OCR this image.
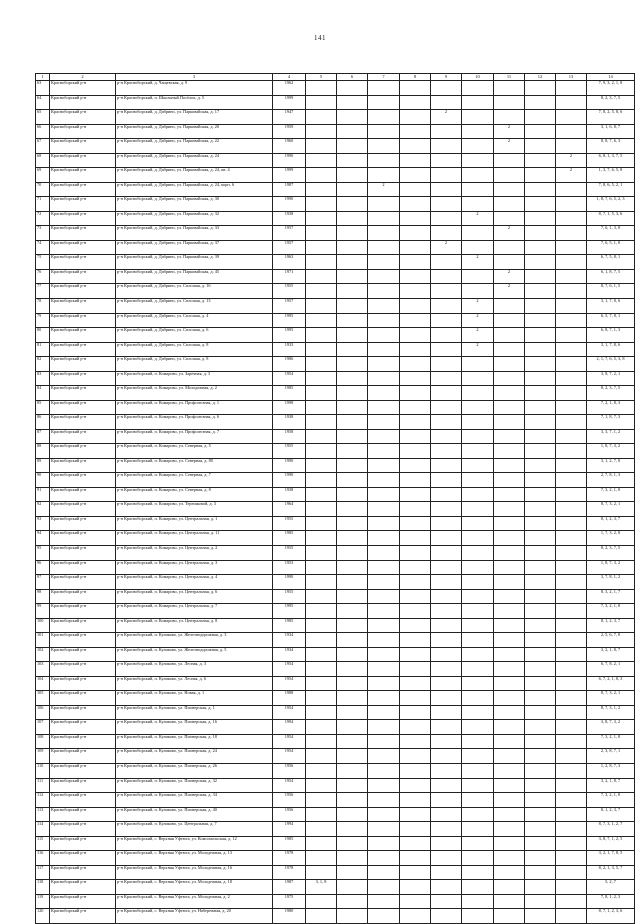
141
1	2	3	4	5	6	7	8	9	10	11	12	13	14
63	Красноборский р-н	р-н Красноборский, д. Чащевская, д. 9	1962										7, 9, 3, 2, 1, 8
64	Красноборский р-н	р-н Красноборский, п. Школьный Посёлок, д. 5	1999										8, 2, 3, 7, 5
65	Красноборский р-н	р-н Красноборский, д. Дабрино, ул. Парковайская, д. 17	1947					2					7, 8, 2, 5, 8, 6
66	Красноборский р-н	р-н Красноборский, д. Дабрино, ул. Парковайская, д. 20	1959							2			3, 1, 6, 8, 7
67	Красноборский р-н	р-н Красноборский, д. Дабрино, ул. Парковайская, д. 22	1960							2			8, 8, 7, 6, 3
68	Красноборский р-н	р-н Красноборский, д. Дабрино, ул. Парковайская, д. 24	1990									2	6, 8, 1, 3, 7, 5
69	Красноборский р-н	р-н Красноборский, д. Дабрино, ул. Парковайская, д. 24, кв. 4	1999									2	1, 3, 7, 6, 5, 8
70	Красноборский р-н	р-н Красноборский, д. Дабрино, ул. Парковайская, д. 24, корп. 6	1987			2							7, 8, 6, 5, 2, 1
71	Красноборский р-н	р-н Красноборский, д. Дабрино, ул. Парковайская, д. 30	1990										1, 8, 7, 6, 5, 2, 3
72	Красноборский р-н	р-н Красноборский, д. Дабрино, ул. Парковайская, д. 32	1938						2				8, 7, 1, 5, 3, 6
73	Красноборский р-н	р-н Красноборский, д. Дабрино, ул. Парковайская, д. 33	1957							2			7, 6, 1, 3, 8
74	Красноборский р-н	р-н Красноборский, д. Дабрино, ул. Парковайская, д. 37	1957					2					7, 6, 5, 1, 8
75	Красноборский р-н	р-н Красноборский, д. Дабрино, ул. Парковайская, д. 39	1963						2				6, 7, 5, 8, 1
76	Красноборский р-н	р-н Красноборский, д. Дабрино, ул. Парковайская, д. 45	1971							2			6, 1, 8, 7, 5
77	Красноборский р-н	р-н Красноборский, д. Дабрино, ул. Сплошая, д. 16	1955							2			8, 7, 6, 1, 5
78	Красноборский р-н	р-н Красноборский, д. Дабрино, ул. Сплошая, д. 13	1957						2				3, 1, 7, 8, 6
79	Красноборский р-н	р-н Красноборский, д. Дабрино, ул. Сплошая, д. 4	1995						2				6, 5, 7, 8, 1
80	Красноборский р-н	р-н Красноборский, д. Дабрино, ул. Сплошая, д. 6	1995						2				6, 8, 7, 1, 3
81	Красноборский р-н	р-н Красноборский, д. Дабрино, ул. Сплошая, д. 8	1933						2				3, 1, 7, 8, 6
82	Красноборский р-н	р-н Красноборский, д. Дабрино, ул. Сплошая, д. 8	1986										2, 1, 7, 6, 5, 3, 8
83	Красноборский р-н	р-н Красноборский, п. Комарово, ул. Заречная, д. 3	1954										3, 8, 7, 2, 1
84	Красноборский р-н	р-н Красноборский, п. Комарово, ул. Молодежная, д. 2	1985										8, 2, 3, 7, 5
85	Красноборский р-н	р-н Красноборский, п. Комарово, ул. Профсоюзная, д. 1	1998										7, 2, 1, 8, 3
86	Красноборский р-н	р-н Красноборский, п. Комарово, ул. Профсоюзная, д. 6	1938										7, 1, 8, 7, 3
87	Красноборский р-н	р-н Красноборский, п. Комарово, ул. Профсоюзная, д. 7	1958										3, 3, 7, 1, 2
88	Красноборский р-н	р-н Красноборский, п. Комарово, ул. Северная, д. 5	1955										1, 8, 7, 3, 2
89	Красноборский р-н	р-н Красноборский, п. Комарово, ул. Северная, д. 80	1990										3, 1, 2, 7, 8
90	Красноборский р-н	р-н Красноборский, п. Комарово, ул. Северная, д. 7	1990										2, 7, 8, 1, 3
91	Красноборский р-н	р-н Красноборский, п. Комарово, ул. Северная, д. 8	1938										7, 3, 2, 1, 8
92	Красноборский р-н	р-н Красноборский, п. Комарово, ул. Терешковой, д. 3	1964										8, 7, 3, 2, 1
93	Красноборский р-н	р-н Красноборский, п. Комарово, ул. Центральная, д. 1	1955										8, 1, 2, 3, 7
94	Красноборский р-н	р-н Красноборский, п. Комарово, ул. Центральная, д. 11	1985										1, 7, 3, 2, 8
95	Красноборский р-н	р-н Красноборский, п. Комарово, ул. Центральная, д. 2	1955										8, 2, 3, 7, 5
96	Красноборский р-н	р-н Красноборский, п. Комарово, ул. Центральная, д. 3	1953										1, 8, 7, 3, 2
97	Красноборский р-н	р-н Красноборский, п. Комарово, ул. Центральная, д. 4	1990										3, 7, 8, 1, 2
98	Красноборский р-н	р-н Красноборский, п. Комарово, ул. Центральная, д. 6	1955										8, 3, 2, 1, 7
99	Красноборский р-н	р-н Красноборский, п. Комарово, ул. Центральная, д. 7	1995										7, 3, 2, 1, 8
100	Красноборский р-н	р-н Красноборский, п. Комарово, ул. Центральная, д. 8	1985										8, 1, 2, 3, 7
101	Красноборский р-н	р-н Красноборский, п. Куликово, ул. Железнодорожная, д. 3	1934										2, 5, 6, 7, 8
102	Красноборский р-н	р-н Красноборский, п. Куликово, ул. Железнодорожная, д. 5	1934										3, 2, 1, 8, 7
103	Красноборский р-н	р-н Красноборский, п. Куликово, ул. Лесная, д. 3	1954										6, 7, 8, 2, 1
104	Красноборский р-н	р-н Красноборский, п. Куликово, ул. Лесная, д. 6	1954										6, 7, 2, 1, 8, 3
105	Красноборский р-н	р-н Красноборский, п. Куликово, ул. Новая, д. 1	1988										8, 7, 3, 2, 1
106	Красноборский р-н	р-н Красноборский, п. Куликово, ул. Пионерская, д. 1	1954										8, 7, 3, 1, 2
107	Красноборский р-н	р-н Красноборский, п. Куликово, ул. Пионерская, д. 16	1994										3, 8, 7, 3, 2
108	Красноборский р-н	р-н Красноборский, п. Куликово, ул. Пионерская, д. 18	1954										7, 3, 2, 1, 8
109	Красноборский р-н	р-н Красноборский, п. Куликово, ул. Пионерская, д. 24	1954										2, 3, 8, 7, 1
110	Красноборский р-н	р-н Красноборский, п. Куликово, ул. Пионерская, д. 26	1956										1, 2, 8, 7, 3
111	Красноборский р-н	р-н Красноборский, п. Куликово, ул. Пионерская, д. 32	1954										3, 2, 1, 8, 7
112	Красноборский р-н	р-н Красноборский, п. Куликово, ул. Пионерская, д. 34	1956										7, 3, 2, 1, 8
113	Красноборский р-н	р-н Красноборский, п. Куликово, ул. Пионерская, д. 40	1956										8, 1, 2, 3, 7
114	Красноборский р-н	р-н Красноборский, п. Куликово, ул. Центральная, д. 7	1994										8, 7, 3, 1, 2, 7
115	Красноборский р-н	р-н Красноборский, с. Верхняя Уфтюга, ул. Комсомольская, д. 12	1985										3, 8, 7, 1, 2, 5
116	Красноборский р-н	р-н Красноборский, с. Верхняя Уфтюга, ул. Молодежная, д. 13	1978										3, 2, 1, 7, 8, 5
117	Красноборский р-н	р-н Красноборский, с. Верхняя Уфтюга, ул. Молодежная, д. 16	1978										8, 2, 1, 3, 5, 7
118	Красноборский р-н	р-н Красноборский, с. Верхняя Уфтюга, ул. Молодежная, д. 18	1987	3, 1, 8									5, 2, 7
119	Красноборский р-н	р-н Красноборский, с. Верхняя Уфтюга, ул. Молодежная, д. 2	1975										7, 8, 1, 2, 3
120	Красноборский р-н	р-н Красноборский, с. Верхняя Уфтюга, ул. Набережная, д. 20	1980										8, 7, 1, 2, 3, 6
